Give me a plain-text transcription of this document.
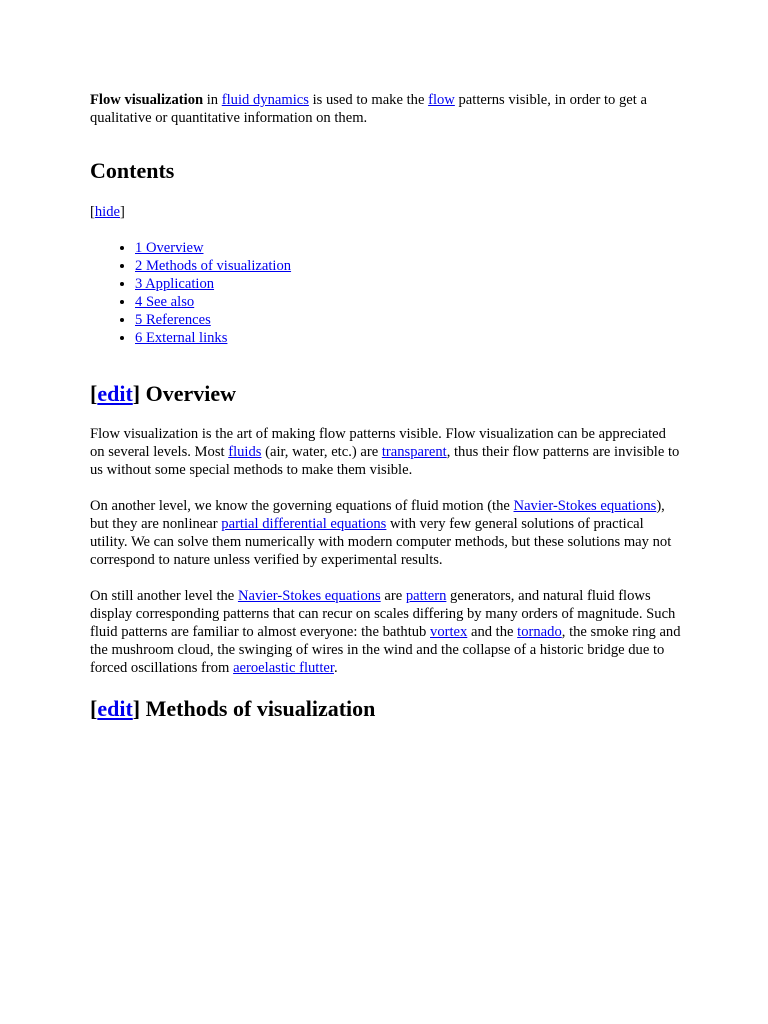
Flow visualization in fluid dynamics is used to make the flow patterns visible, in order to get a qualitative or quantitative information on them.

Contents
[hide]
• 1 Overview
• 2 Methods of visualization
• 3 Application
• 4 See also
• 5 References
• 6 External links
[edit] Overview

Flow visualization is the art of making flow patterns visible. Flow visualization can be appreciated on several levels. Most fluids (air, water, etc.) are transparent, thus their flow patterns are invisible to us without some special methods to make them visible.

On another level, we know the governing equations of fluid motion (the Navier-Stokes equations), but they are nonlinear partial differential equations with very few general solutions of practical utility. We can solve them numerically with modern computer methods, but these solutions may not correspond to nature unless verified by experimental results.

On still another level the Navier-Stokes equations are pattern generators, and natural fluid flows display corresponding patterns that can recur on scales differing by many orders of magnitude. Such fluid patterns are familiar to almost everyone: the bathtub vortex and the tornado, the smoke ring and the mushroom cloud, the swinging of wires in the wind and the collapse of a historic bridge due to forced oscillations from aeroelastic flutter.

[edit] Methods of visualization
